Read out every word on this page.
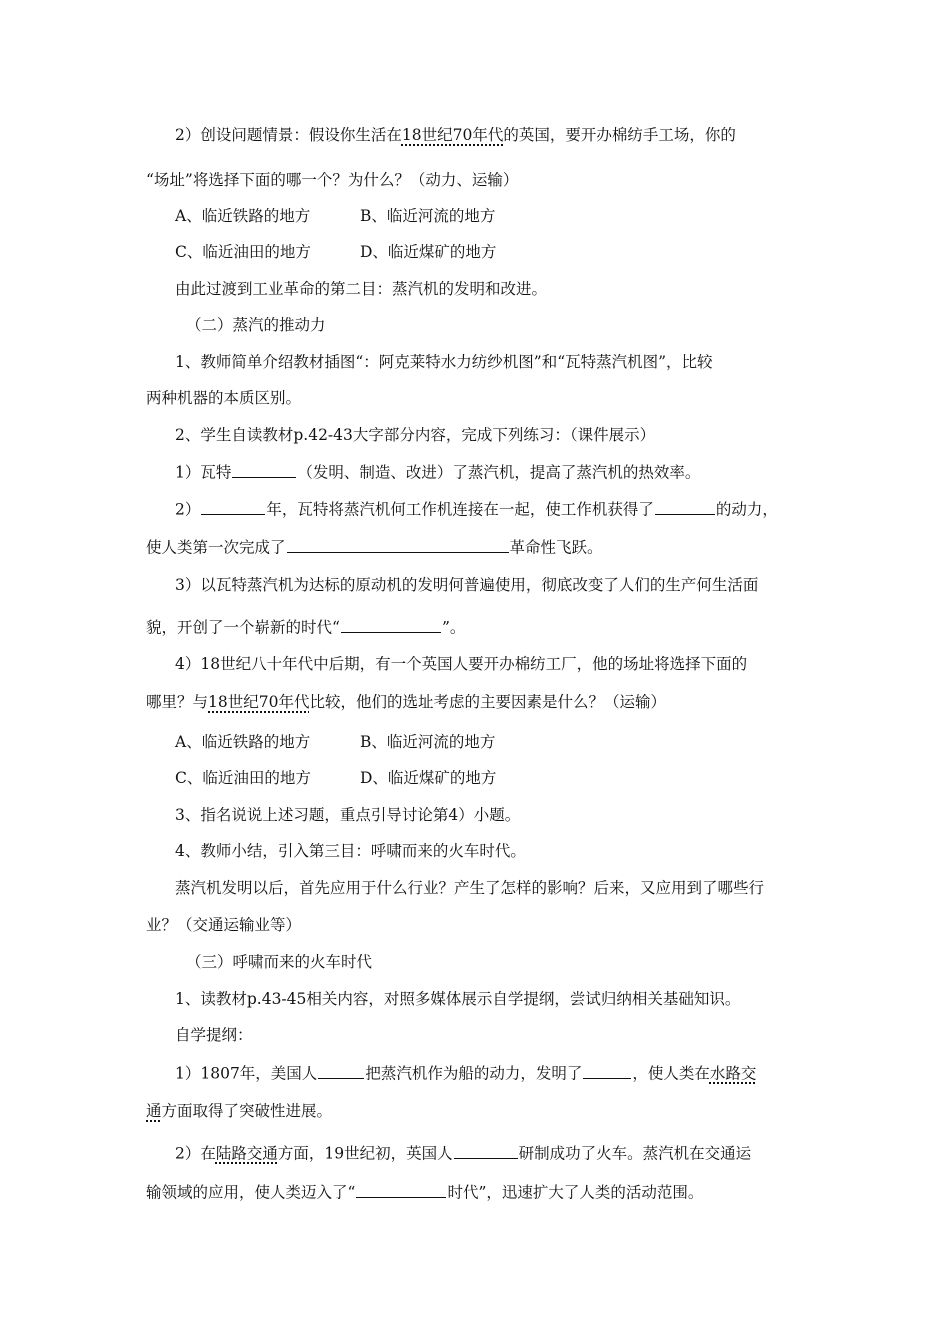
2）创设问题情景：假设你生活在18世纪70年代的英国，要开办棉纺手工场，你的
“场址”将选择下面的哪一个？为什么？（动力、运输）
A、临近铁路的地方	B、临近河流的地方
C、临近油田的地方	D、临近煤矿的地方
由此过渡到工业革命的第二目：蒸汽机的发明和改进。
（二）蒸汽的推动力
1、教师简单介绍教材插图“：阿克莱特水力纺纱机图”和“瓦特蒸汽机图”，比较
两种机器的本质区别。
2、学生自读教材p.42-43大字部分内容，完成下列练习：（课件展示）
1）瓦特	（发明、制造、改进）了蒸汽机，提高了蒸汽机的热效率。
2）	年，瓦特将蒸汽机何工作机连接在一起，使工作机获得了	的动力，
使人类第一次完成了	革命性飞跃。
3）以瓦特蒸汽机为达标的原动机的发明何普遍使用，彻底改变了人们的生产何生活面
貌，开创了一个崭新的时代“	”。
4）18世纪八十年代中后期，有一个英国人要开办棉纺工厂，他的场址将选择下面的
哪里？与18世纪70年代比较，他们的选址考虑的主要因素是什么？（运输）
A、临近铁路的地方	B、临近河流的地方
C、临近油田的地方	D、临近煤矿的地方
3、指名说说上述习题，重点引导讨论第4）小题。
4、教师小结，引入第三目：呼啸而来的火车时代。
蒸汽机发明以后，首先应用于什么行业？产生了怎样的影响？后来，又应用到了哪些行
业？（交通运输业等）
（三）呼啸而来的火车时代
1、读教材p.43-45相关内容，对照多媒体展示自学提纲，尝试归纳相关基础知识。
自学提纲：
1）1807年，美国人	把蒸汽机作为船的动力，发明了	，使人类在水路交
通方面取得了突破性进展。
2）在陆路交通方面，19世纪初，英国人	研制成功了火车。蒸汽机在交通运
输领域的应用，使人类迈入了“	时代”，迅速扩大了人类的活动范围。
